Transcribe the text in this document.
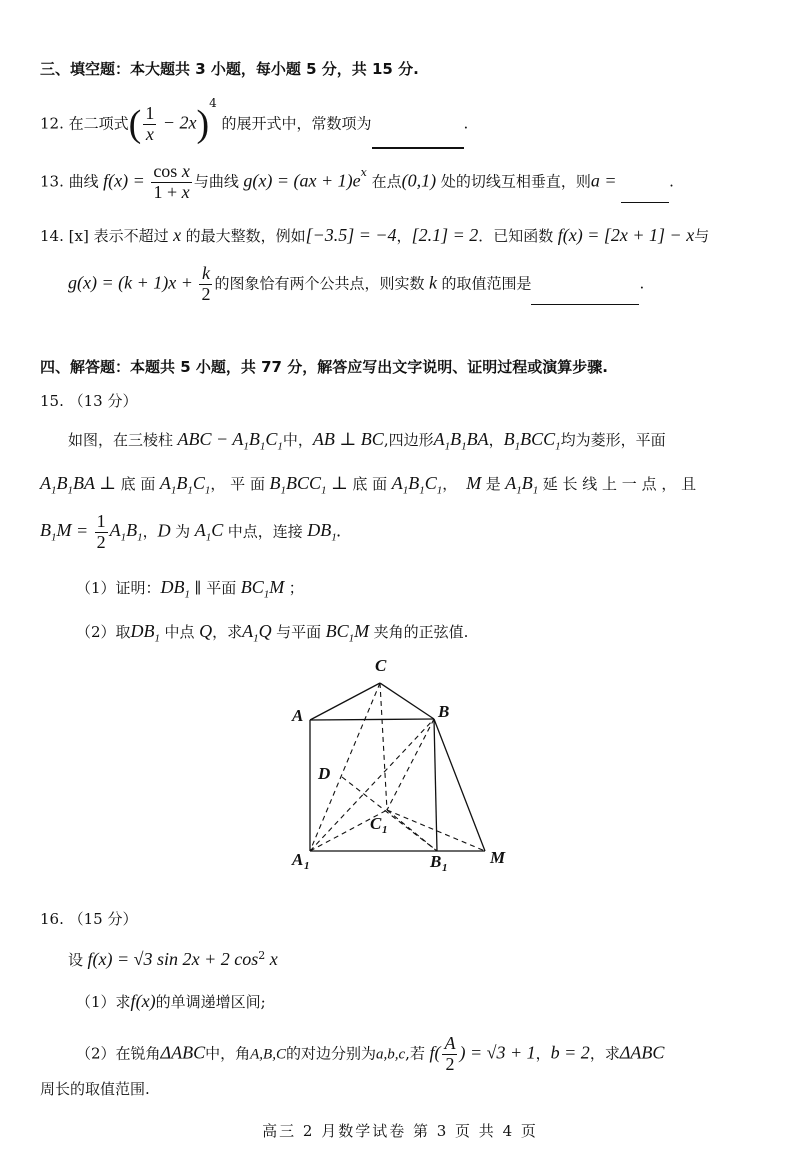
三、填空题：本大题共 3 小题，每小题 5 分，共 15 分.
12. 在二项式( $\frac{1}{x} - 2x)^4$ 的展开式中，常数项为	.
13. 曲线 $f(x) = \frac{\text{cos x}}{1 + x}$ 与曲线 $g(x) = (ax + 1)e^x$ 在点(0,1) 处的切线互相垂直，则a =	.
14. [x] 表示不超过 x 的最大整数，例如[−3.5] = −4，[2.1] = 2．已知函数 f(x) = [2x + 1] − x与
$g(x) = (k + 1)x + \frac{k}{2}$ 的图象恰有两个公共点，则实数 k 的取值范围是	.
四、解答题：本题共 5 小题，共 77 分，解答应写出文字说明、证明过程或演算步骤.
15. （13 分）
如图，在三棱柱 ABC − $A_1B_1C_1$中，AB ⊥ BC,四边形$A_1B_1BA$，$B_1BCC_1$均为菱形，平面
$A_1B_1BA$ ⊥ 底 面 $A_1B_1C_1$， 平 面 $B_1BCC_1$ ⊥ 底 面 $A_1B_1C_1$，  M 是 $A_1B_1$ 延 长 线 上 一 点 ， 且
$B_1M = \frac{1}{2} A_1B_1$，D 为 $A_1C$ 中点，连接 $DB_1$.
（1）证明：$DB_1$ ∥ 平面 $BC_1M$ ；
（2）取$DB_1$ 中点 Q，求$A_1Q$ 与平面 $BC_1M$ 夹角的正弦值.
C
A	B
D
C 1
A 1	B 1
M
16. （15 分）
设 f(x) = √3 sin 2x + 2 $\cos^2 x$
（1）求f(x)的单调递增区间;
（2）在锐角ΔABC中，角A,B,C的对边分别为a,b,c,若 $f( \frac{A}{2}$ ) = √3 + 1，b = 2，求ΔABC
周长的取值范围.
高三 2 月数学试卷 第 3 页 共 4 页
